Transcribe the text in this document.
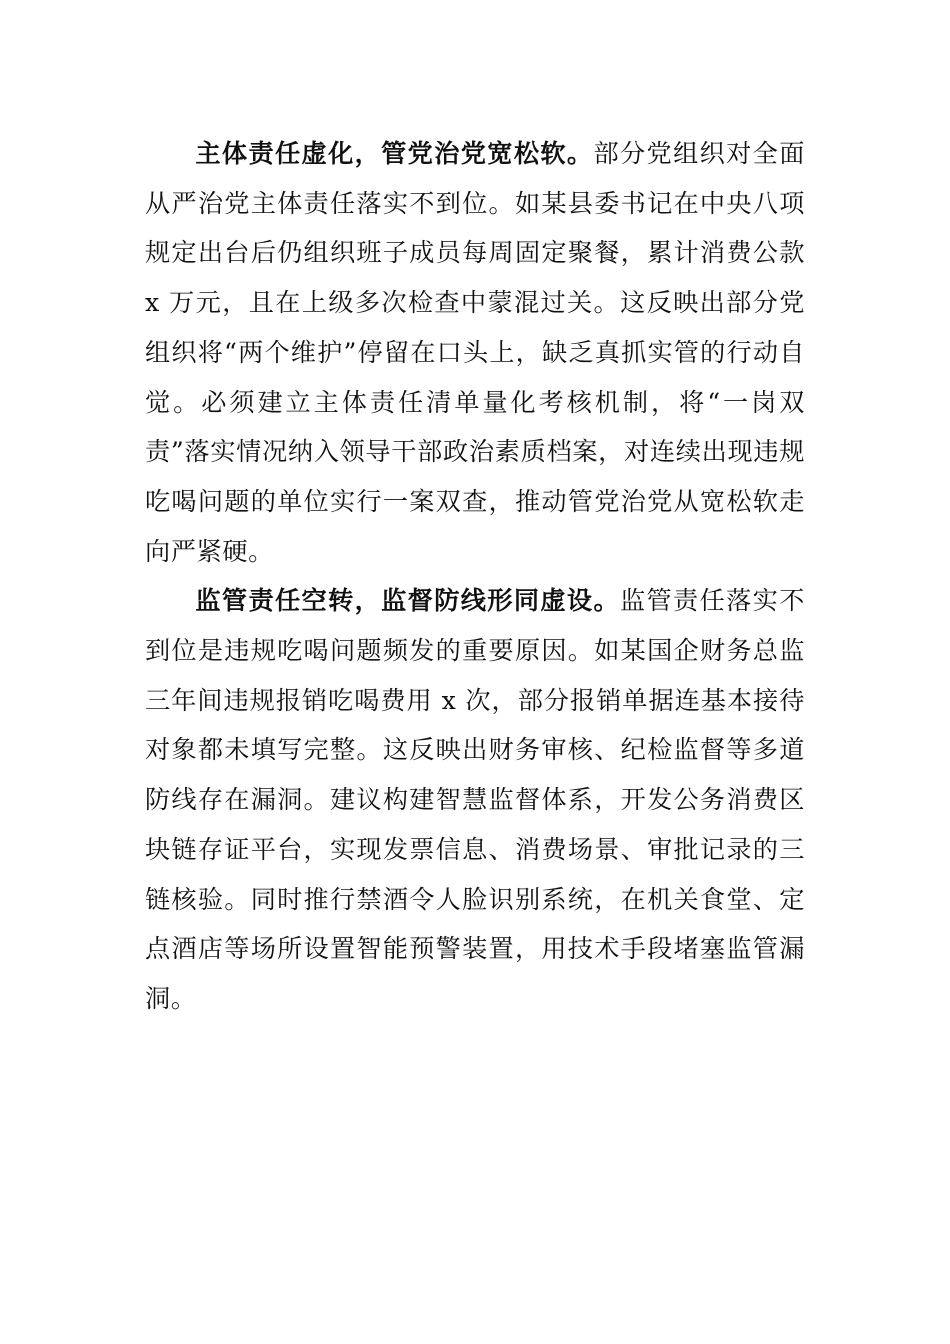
主体责任虚化，管党治党宽松软。部分党组织对全面从严治党主体责任落实不到位。如某县委书记在中央八项规定出台后仍组织班子成员每周固定聚餐，累计消费公款 x 万元，且在上级多次检查中蒙混过关。这反映出部分党组织将“两个维护”停留在口头上，缺乏真抓实管的行动自觉。必须建立主体责任清单量化考核机制，将“一岗双责”落实情况纳入领导干部政治素质档案，对连续出现违规吃喝问题的单位实行一案双查，推动管党治党从宽松软走向严紧硬。

监管责任空转，监督防线形同虚设。监管责任落实不到位是违规吃喝问题频发的重要原因。如某国企财务总监三年间违规报销吃喝费用 x 次，部分报销单据连基本接待对象都未填写完整。这反映出财务审核、纪检监督等多道防线存在漏洞。建议构建智慧监督体系，开发公务消费区块链存证平台，实现发票信息、消费场景、审批记录的三链核验。同时推行禁酒令人脸识别系统，在机关食堂、定点酒店等场所设置智能预警装置，用技术手段堵塞监管漏洞。
